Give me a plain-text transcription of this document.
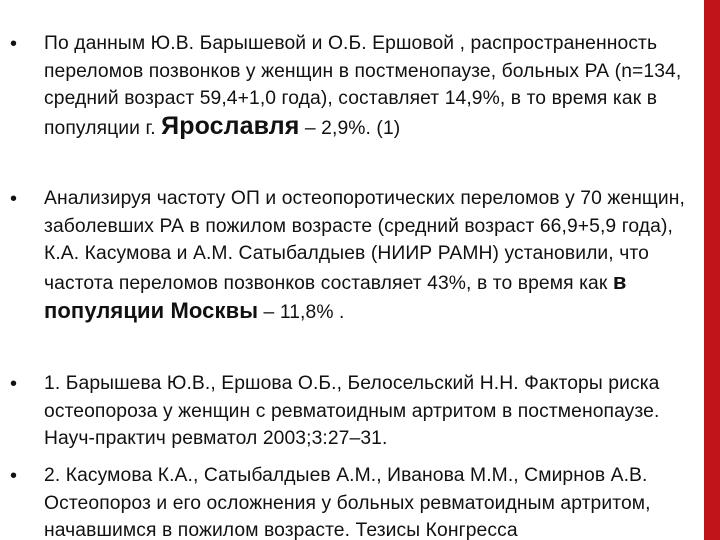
• По данным Ю.В. Барышевой и О.Б. Ершовой , распространенность переломов позвонков у женщин в постменопаузе, больных РА (n=134, средний возраст 59,4+1,0 года), составляет 14,9%, в то время как в популяции г. Ярославля – 2,9%. (1)
• Анализируя частоту ОП и остеопоротических переломов у 70 женщин, заболевших РА в пожилом возрасте (средний возраст 66,9+5,9 года), К.А. Касумова и А.М. Сатыбалдыев (НИИР РАМН) установили, что частота переломов позвонков составляет 43%, в то время как в популяции Москвы – 11,8% .
• 1. Барышева Ю.В., Ершова О.Б., Белосельский Н.Н. Факторы риска остеопороза у женщин с ревматоидным артритом в постменопаузе. Науч-практич ревматол 2003;3:27–31.
• 2. Касумова К.А., Сатыбалдыев А.М., Иванова М.М., Смирнов А.В. Остеопороз и его осложнения у больных ревматоидным артритом, начавшимся в пожилом возрасте. Тезисы Конгресса
